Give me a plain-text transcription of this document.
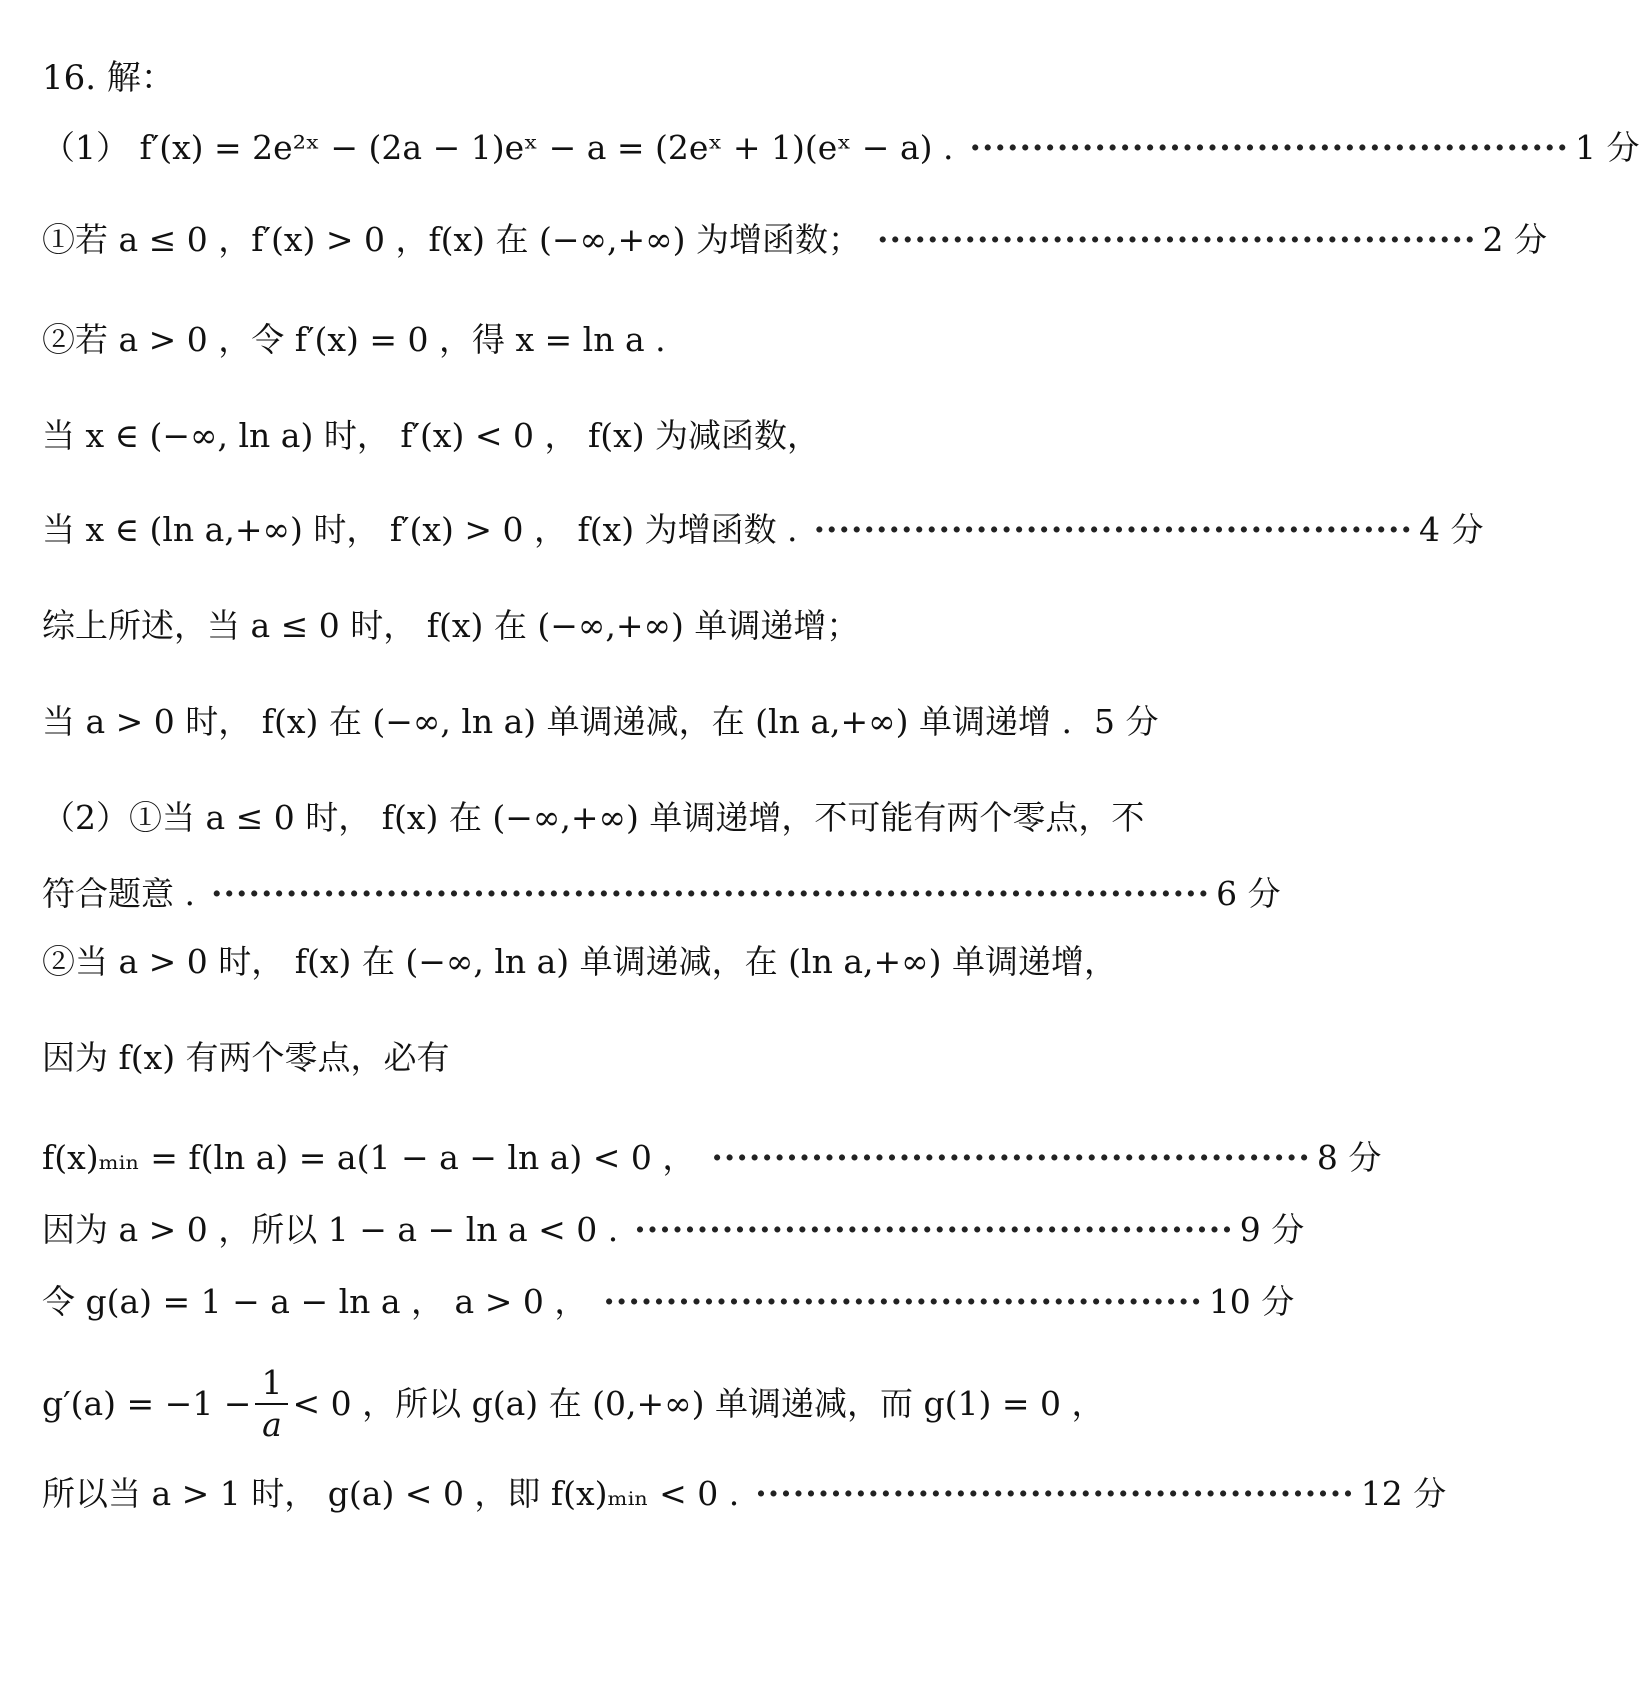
16. 解：
（1） f′(x) = 2e²ˣ − (2a − 1)eˣ − a = (2eˣ + 1)(eˣ − a) . ················································ 1 分
①若 a ≤ 0 ，f′(x) > 0 ，f(x) 在 (−∞,+∞) 为增函数； ················································ 2 分
②若 a > 0 ，令 f′(x) = 0 ，得 x = ln a .
当 x ∈ (−∞, ln a) 时， f′(x) < 0 ， f(x) 为减函数，
当 x ∈ (ln a,+∞) 时， f′(x) > 0 ， f(x) 为增函数 . ················································ 4 分
综上所述，当 a ≤ 0 时， f(x) 在 (−∞,+∞) 单调递增；
当 a > 0 时， f(x) 在 (−∞, ln a) 单调递减，在 (ln a,+∞) 单调递增 . 5 分
（2）①当 a ≤ 0 时， f(x) 在 (−∞,+∞) 单调递增，不可能有两个零点，不
符合题意 . ················································································ 6 分
②当 a > 0 时， f(x) 在 (−∞, ln a) 单调递减，在 (ln a,+∞) 单调递增，
因为 f(x) 有两个零点，必有
f(x)ₘᵢₙ = f(ln a) = a(1 − a − ln a) < 0 ， ················································ 8 分
因为 a > 0 ，所以 1 − a − ln a < 0 . ················································ 9 分
令 g(a) = 1 − a − ln a ， a > 0 ， ················································ 10 分
$g'(a) = -1 - \frac{1}{a} < 0$ ，所以 g(a) 在 (0,+∞) 单调递减，而 g(1) = 0 ，
所以当 a > 1 时， g(a) < 0 ，即 f(x)ₘᵢₙ < 0 . ················································ 12 分
